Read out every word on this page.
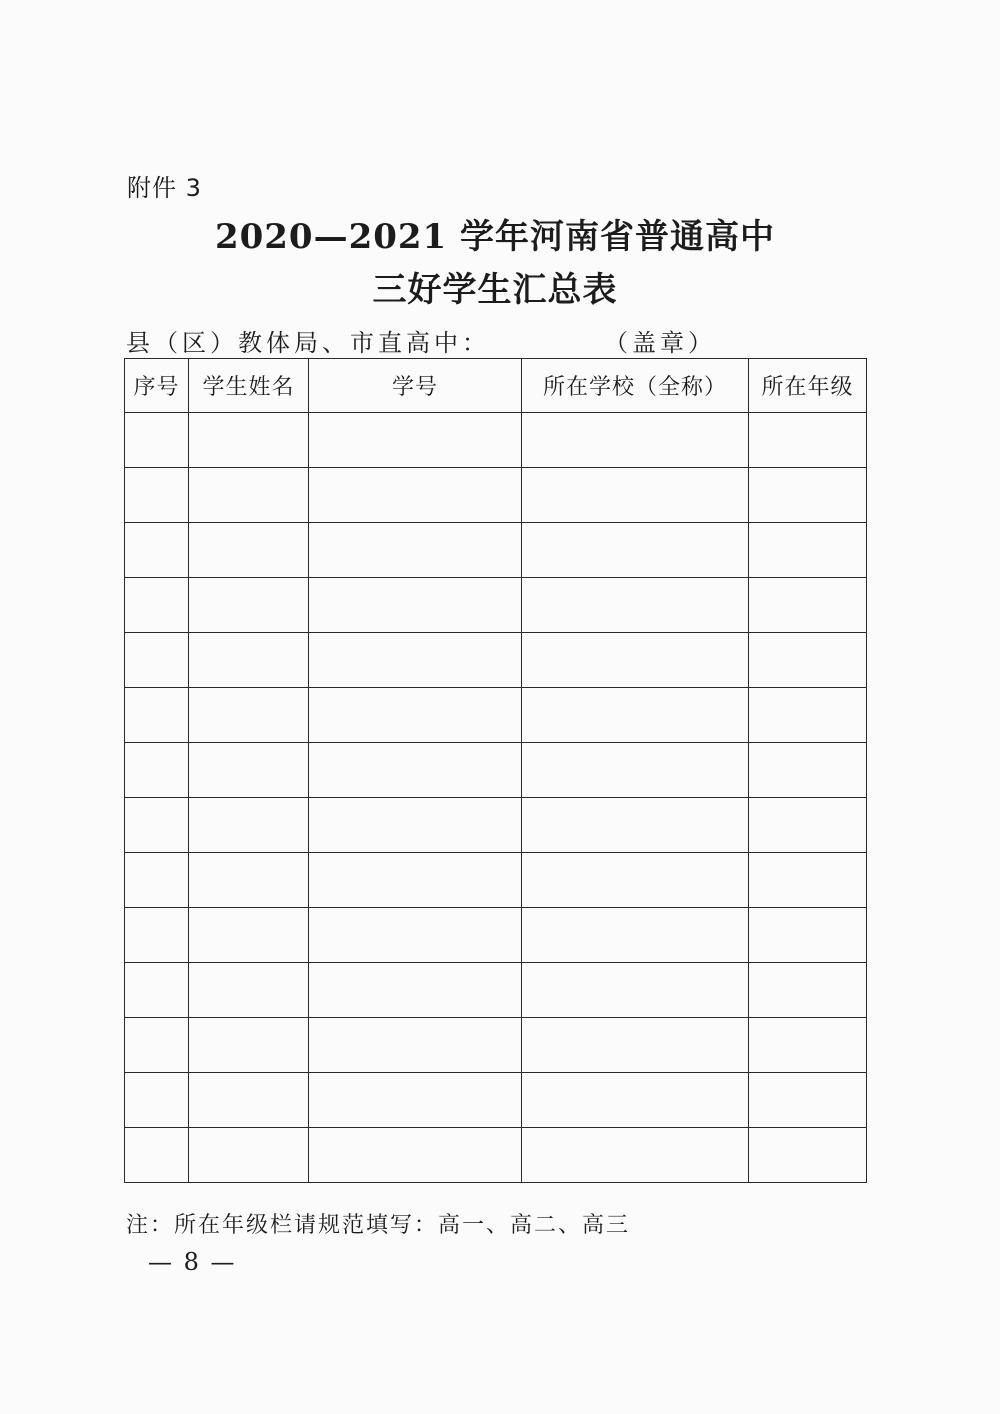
附件 3
2020—2021 学年河南省普通高中
三好学生汇总表
县（区）教体局、市直高中：	（盖章）
序号	学生姓名	学号	所在学校（全称）	所在年级

注：所在年级栏请规范填写：高一、高二、高三
— 8 —
